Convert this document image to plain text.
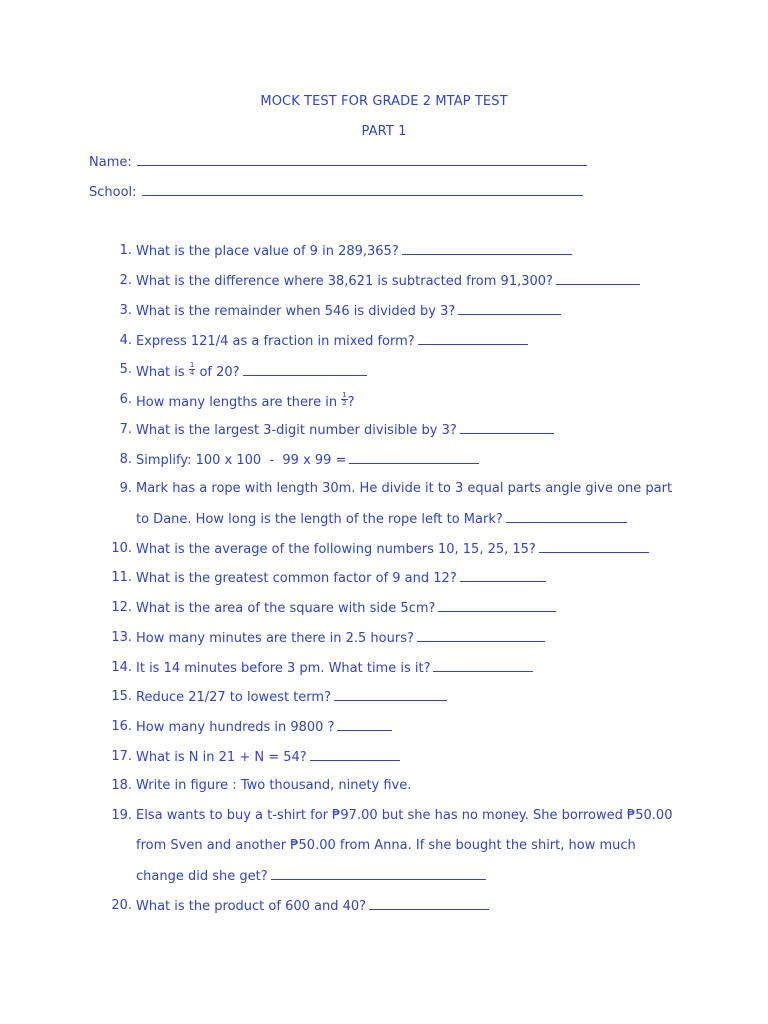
MOCK TEST FOR GRADE 2 MTAP TEST
PART 1
Name:
School:
1. What is the place value of 9 in 289,365?
2. What is the difference where 38,621 is subtracted from 91,300?
3. What is the remainder when 546 is divided by 3?
4. Express 121/4 as a fraction in mixed form?
5. What is $\frac{1}{4}$ of 20?
6. How many lengths are there in $\frac{1}{2}$ ?
7. What is the largest 3-digit number divisible by 3?
8. Simplify: 100 x 100  -  99 x 99 =
9. Mark has a rope with length 30m. He divide it to 3 equal parts angle give one part
to Dane. How long is the length of the rope left to Mark?
10. What is the average of the following numbers 10, 15, 25, 15?
11. What is the greatest common factor of 9 and 12?
12. What is the area of the square with side 5cm?
13. How many minutes are there in 2.5 hours?
14. It is 14 minutes before 3 pm. What time is it?
15. Reduce 21/27 to lowest term?
16. How many hundreds in 9800 ?
17. What is N in 21 + N = 54?
18. Write in figure : Two thousand, ninety five.
19. Elsa wants to buy a t-shirt for ₱97.00 but she has no money. She borrowed ₱50.00
from Sven and another ₱50.00 from Anna. If she bought the shirt, how much
change did she get?
20. What is the product of 600 and 40?
